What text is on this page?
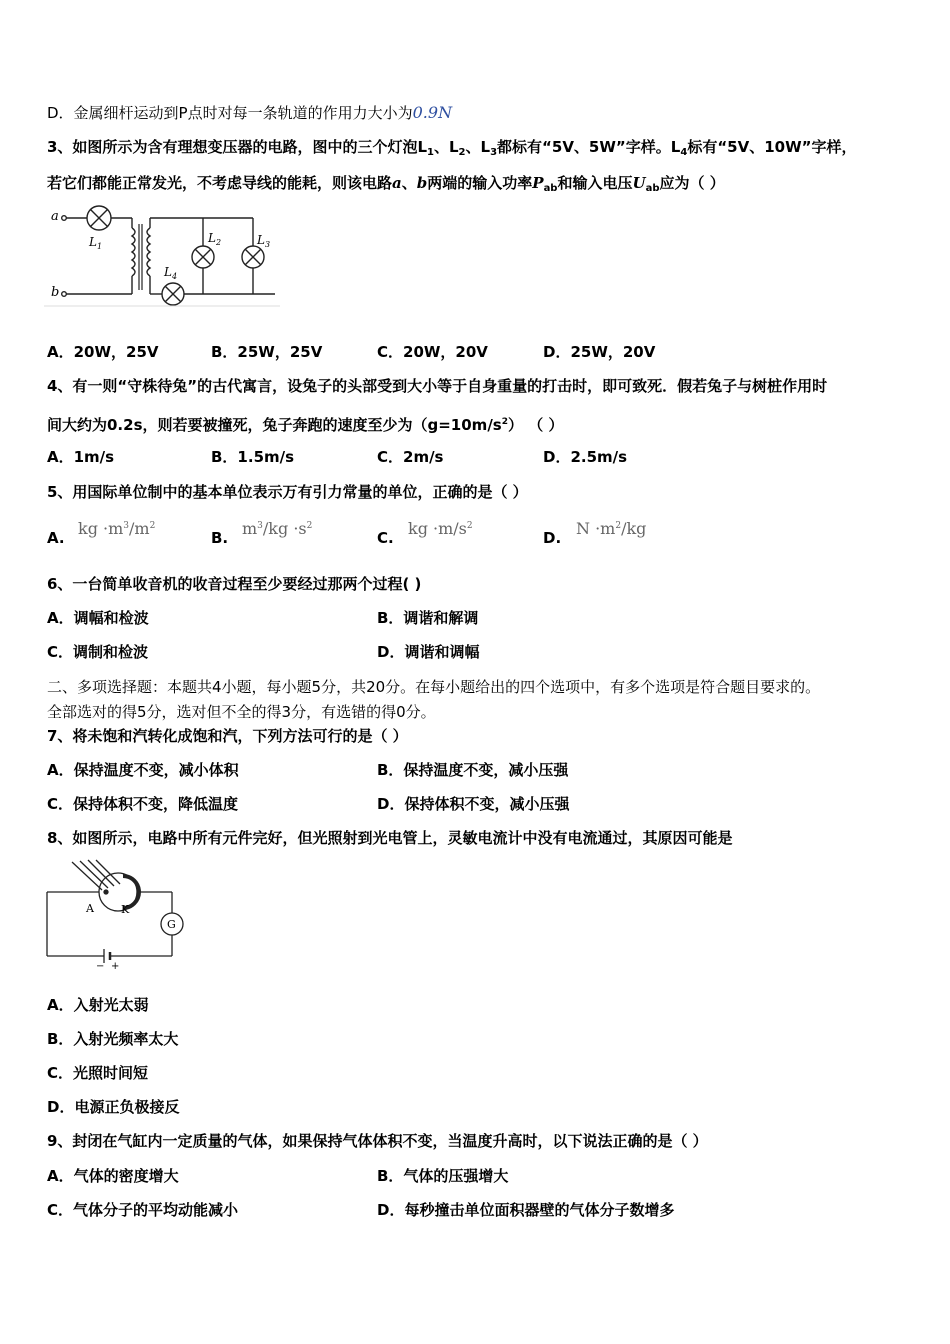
D．金属细杆运动到P点时对每一条轨道的作用力大小为0.9N
3、如图所示为含有理想变压器的电路，图中的三个灯泡$L_1$、$L_2$、$L_3$都标有“5V、5W”字样。$L_4$标有“5V、10W”字样，
若它们都能正常发光，不考虑导线的能耗，则该电路a、b两端的输入功率$P_{ab}$和输入电压$U_{ab}$应为（ ）
a
b
$L_1$
$L_2$	$L_3$
$L_4$
A．20W，25V	B．25W，25V	C．20W，20V	D．25W，20V
4、有一则“守株待兔”的古代寓言，设兔子的头部受到大小等于自身重量的打击时，即可致死．假若兔子与树桩作用时
间大约为0.2s，则若要被撞死，兔子奔跑的速度至少为$(g=10m/s^2)$ （ ）
A．1m/s	B．1.5m/s	C．2m/s	D．2.5m/s
5、用国际单位制中的基本单位表示万有引力常量的单位，正确的是（ ）
A. kg $\cdot m^3/m^2$
B. $m^3/kg \cdot s^2$
C. kg $\cdot m/s^2$
D. $N \cdot m^2/kg$
6、一台简单收音机的收音过程至少要经过那两个过程( )
A．调幅和检波	B．调谐和解调
C．调制和检波	D．调谐和调幅
二、多项选择题：本题共4小题，每小题5分，共20分。在每小题给出的四个选项中，有多个选项是符合题目要求的。
全部选对的得5分，选对但不全的得3分，有选错的得0分。
7、将未饱和汽转化成饱和汽，下列方法可行的是（ ）
A．保持温度不变，减小体积	B．保持温度不变，减小压强
C．保持体积不变，降低温度	D．保持体积不变，减小压强
8、如图所示，电路中所有元件完好，但光照射到光电管上，灵敏电流计中没有电流通过，其原因可能是
A K
G
− +
A．入射光太弱
B．入射光频率太大
C．光照时间短
D．电源正负极接反
9、封闭在气缸内一定质量的气体，如果保持气体体积不变，当温度升高时，以下说法正确的是（ ）
A．气体的密度增大	B．气体的压强增大
C．气体分子的平均动能减小	D．每秒撞击单位面积器壁的气体分子数增多
